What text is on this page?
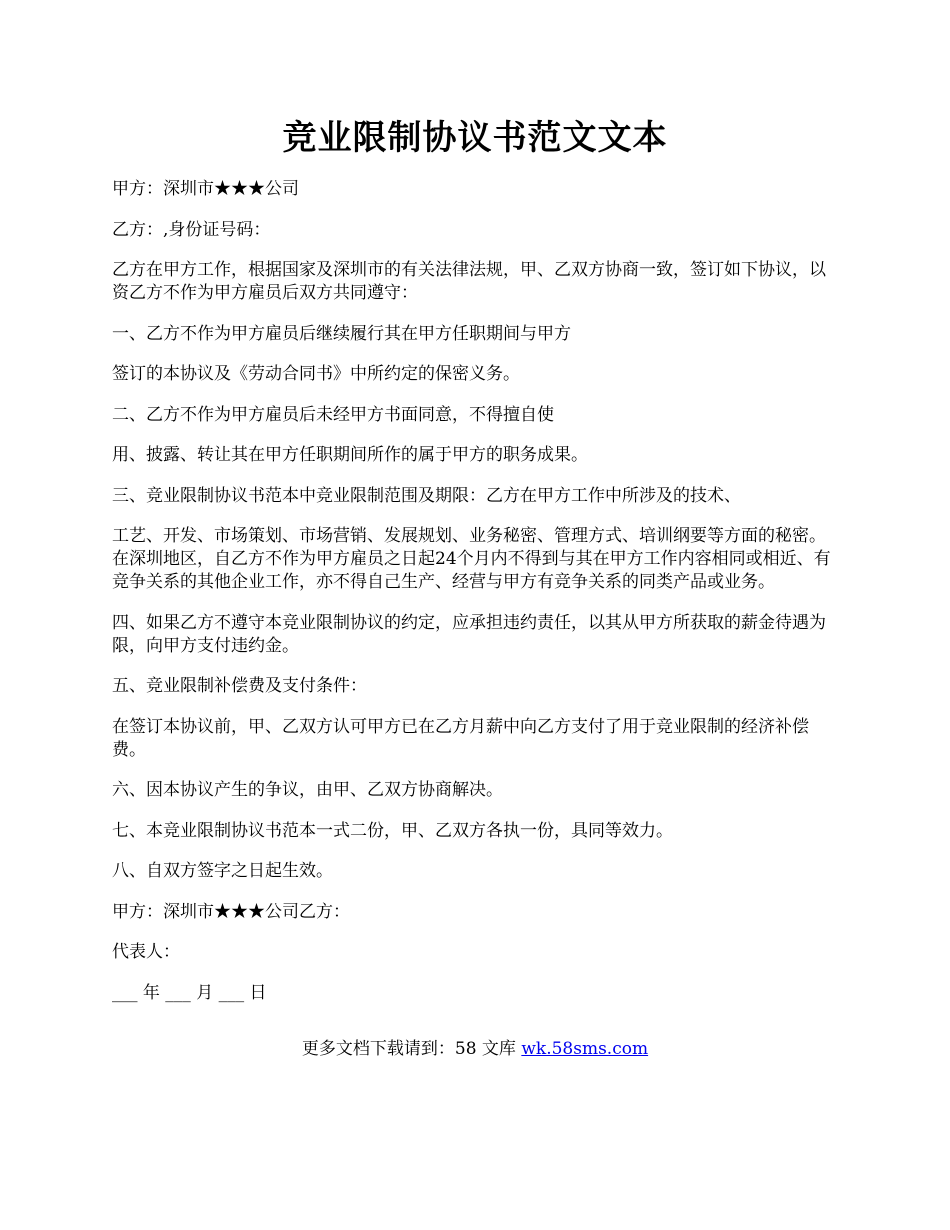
竞业限制协议书范文文本

甲方：深圳市★★★公司

乙方：,身份证号码：

乙方在甲方工作，根据国家及深圳市的有关法律法规，甲、乙双方协商一致，签订如下协议，以资乙方不作为甲方雇员后双方共同遵守：

一、乙方不作为甲方雇员后继续履行其在甲方任职期间与甲方

签订的本协议及《劳动合同书》中所约定的保密义务。

二、乙方不作为甲方雇员后未经甲方书面同意，不得擅自使

用、披露、转让其在甲方任职期间所作的属于甲方的职务成果。

三、竞业限制协议书范本中竞业限制范围及期限：乙方在甲方工作中所涉及的技术、

工艺、开发、市场策划、市场营销、发展规划、业务秘密、管理方式、培训纲要等方面的秘密。在深圳地区，自乙方不作为甲方雇员之日起24个月内不得到与其在甲方工作内容相同或相近、有竞争关系的其他企业工作，亦不得自己生产、经营与甲方有竞争关系的同类产品或业务。

四、如果乙方不遵守本竞业限制协议的约定，应承担违约责任，以其从甲方所获取的薪金待遇为限，向甲方支付违约金。

五、竞业限制补偿费及支付条件：

在签订本协议前，甲、乙双方认可甲方已在乙方月薪中向乙方支付了用于竞业限制的经济补偿费。

六、因本协议产生的争议，由甲、乙双方协商解决。

七、本竞业限制协议书范本一式二份，甲、乙双方各执一份，具同等效力。

八、自双方签字之日起生效。

甲方：深圳市★★★公司乙方：

代表人：

___ 年 ___ 月 ___ 日

更多文档下载请到：58 文库 wk.58sms.com
